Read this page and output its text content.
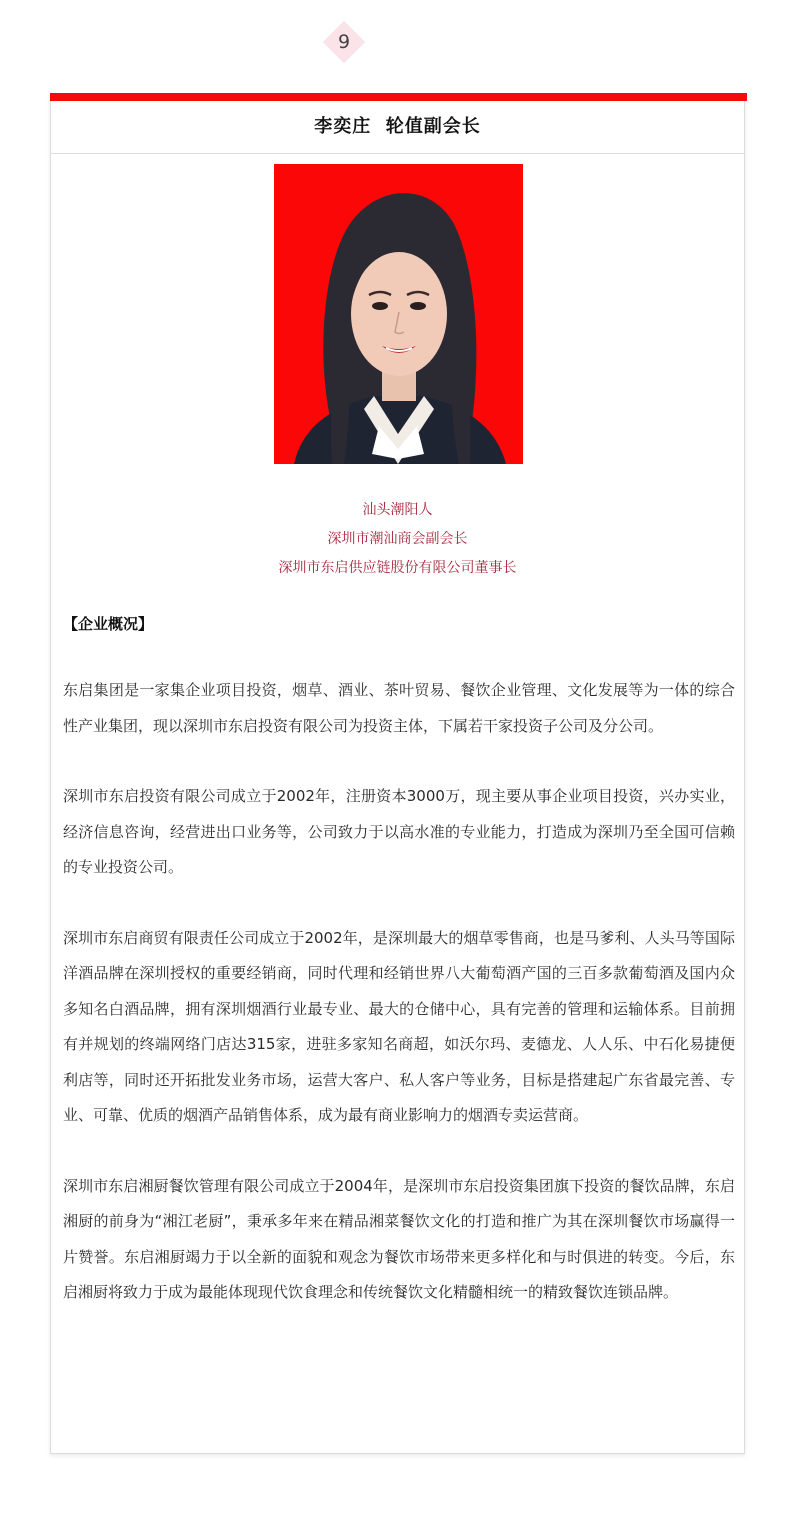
9
李奕庄  轮值副会长
汕头潮阳人
深圳市潮汕商会副会长
深圳市东启供应链股份有限公司董事长
【企业概况】

东启集团是一家集企业项目投资，烟草、酒业、茶叶贸易、餐饮企业管理、文化发展等为一体的综合性产业集团，现以深圳市东启投资有限公司为投资主体，下属若干家投资子公司及分公司。

深圳市东启投资有限公司成立于2002年，注册资本3000万，现主要从事企业项目投资，兴办实业，经济信息咨询，经营进出口业务等，公司致力于以高水准的专业能力，打造成为深圳乃至全国可信赖的专业投资公司。

深圳市东启商贸有限责任公司成立于2002年，是深圳最大的烟草零售商，也是马爹利、人头马等国际洋酒品牌在深圳授权的重要经销商，同时代理和经销世界八大葡萄酒产国的三百多款葡萄酒及国内众多知名白酒品牌，拥有深圳烟酒行业最专业、最大的仓储中心，具有完善的管理和运输体系。目前拥有并规划的终端网络门店达315家，进驻多家知名商超，如沃尔玛、麦德龙、人人乐、中石化易捷便利店等，同时还开拓批发业务市场，运营大客户、私人客户等业务，目标是搭建起广东省最完善、专业、可靠、优质的烟酒产品销售体系，成为最有商业影响力的烟酒专卖运营商。

深圳市东启湘厨餐饮管理有限公司成立于2004年，是深圳市东启投资集团旗下投资的餐饮品牌，东启湘厨的前身为“湘江老厨”，秉承多年来在精品湘菜餐饮文化的打造和推广为其在深圳餐饮市场赢得一片赞誉。东启湘厨竭力于以全新的面貌和观念为餐饮市场带来更多样化和与时俱进的转变。今后，东启湘厨将致力于成为最能体现现代饮食理念和传统餐饮文化精髓相统一的精致餐饮连锁品牌。
